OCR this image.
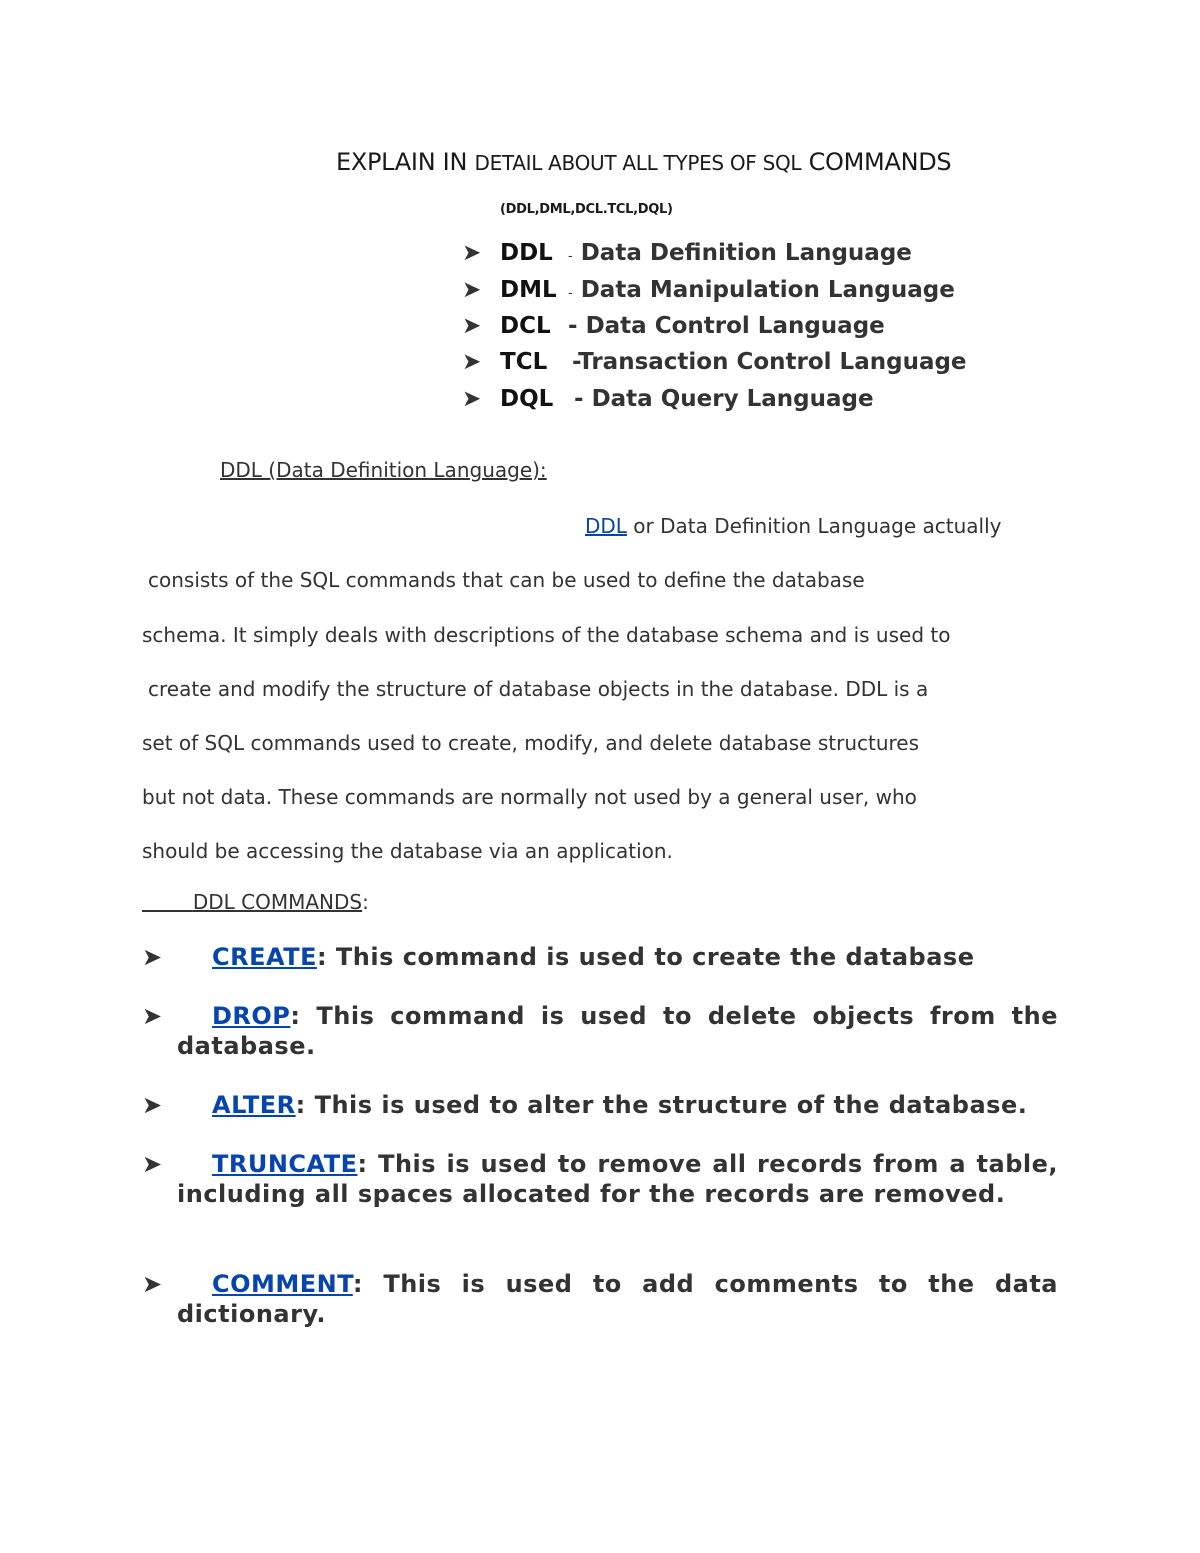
EXPLAIN IN DETAIL ABOUT ALL TYPES OF SQL COMMANDS
(DDL,DML,DCL.TCL,DQL)
➤ DDL - Data Definition Language
➤ DML - Data Manipulation Language
➤ DCL - Data Control Language
➤ TCL -Transaction Control Language
➤ DQL - Data Query Language
DDL (Data Definition Language):
DDL or Data Definition Language actually
consists of the SQL commands that can be used to define the database
schema. It simply deals with descriptions of the database schema and is used to
create and modify the structure of database objects in the database. DDL is a
set of SQL commands used to create, modify, and delete database structures
but not data. These commands are normally not used by a general user, who
should be accessing the database via an application.
DDL COMMANDS:
➤	CREATE: This command is used to create the database
➤	DROP: This command is used to delete objects from the database.
➤	ALTER: This is used to alter the structure of the database.
➤	TRUNCATE: This is used to remove all records from a table, including all spaces allocated for the records are removed.
➤	COMMENT: This is used to add comments to the data dictionary.
